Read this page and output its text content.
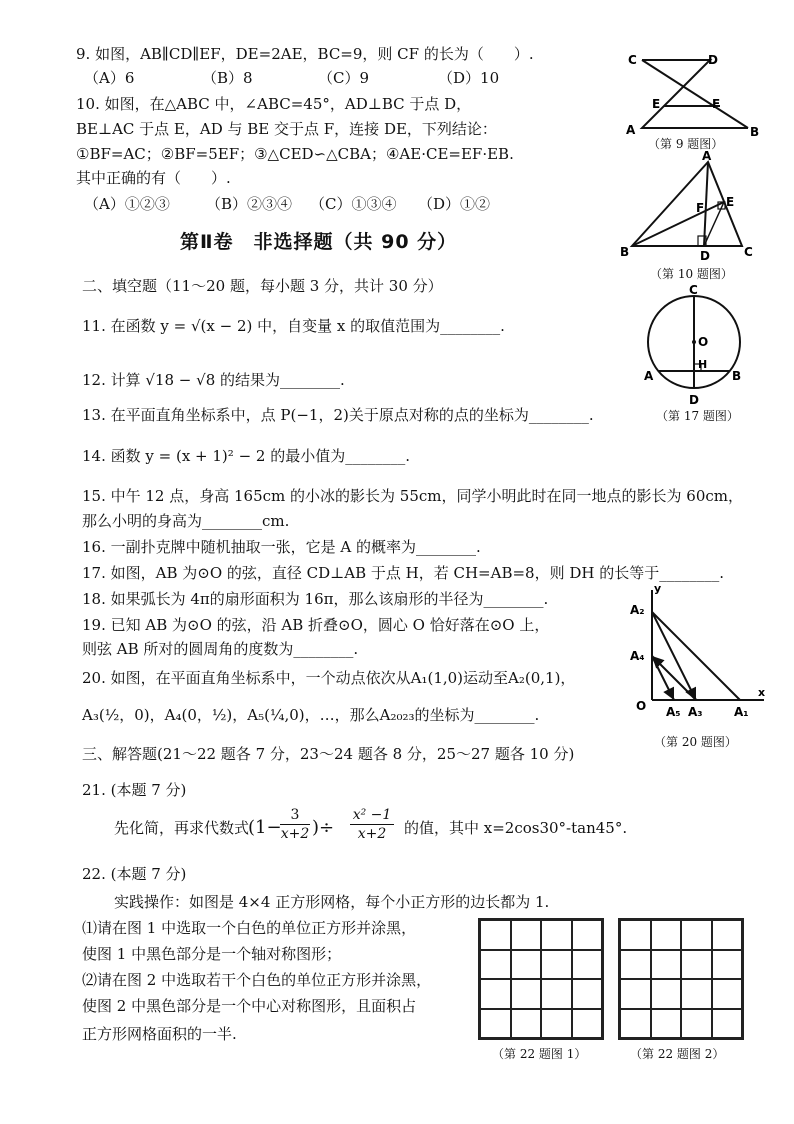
9. 如图，AB∥CD∥EF，DE=2AE，BC=9，则 CF 的长为（　　）.
（A）6	（B）8	（C）9	（D）10
C	D
E	F
A	B
（第 9 题图）
10. 如图，在△ABC 中，∠ABC=45°，AD⊥BC 于点 D，
BE⊥AC 于点 E，AD 与 BE 交于点 F，连接 DE，下列结论：
①BF=AC；②BF=5EF；③△CED∽△CBA；④AE·CE=EF·EB.
其中正确的有（　　）.
（A）①②③ （B）②③④ （C）①③④ （D）①②
A
F E
B	D	C
（第 10 题图）
第Ⅱ卷　非选择题（共 90 分）
二、填空题（11～20 题，每小题 3 分，共计 30 分）
11. 在函数 y = √(x − 2) 中，自变量 x 的取值范围为________.
12. 计算 √18 − √8 的结果为________.
13. 在平面直角坐标系中，点 P(−1，2)关于原点对称的点的坐标为________.
14. 函数 y = (x + 1)² − 2 的最小值为________.
15. 中午 12 点，身高 165cm 的小冰的影长为 55cm，同学小明此时在同一地点的影长为 60cm，
那么小明的身高为________cm.
16. 一副扑克牌中随机抽取一张，它是 A 的概率为________.
17. 如图，AB 为⊙O 的弦，直径 CD⊥AB 于点 H，若 CH=AB=8，则 DH 的长等于________.
18. 如果弧长为 4π的扇形面积为 16π，那么该扇形的半径为________.
19. 已知 AB 为⊙O 的弦，沿 AB 折叠⊙O，圆心 O 恰好落在⊙O 上，
则弦 AB 所对的圆周角的度数为________.
20. 如图，在平面直角坐标系中，一个动点依次从A₁(1,0)运动至A₂(0,1)，
A₃(½，0)，A₄(0，½)，A₅(¼,0)，…，那么A₂₀₂₃的坐标为________.
C
O
H
A	B
D
（第 17 题图）
y
A₂
A₄
O A₅ A₃	A₁
x
（第 20 题图）
三、解答题(21～22 题各 7 分，23～24 题各 8 分，25～27 题各 10 分)
21. (本题 7 分)
先化简，再求代数式
(1−
$\frac{3}{x+2}$ )÷ $\frac{\text{x² −1}}{x+2}$ 的值，其中 x=2cos30°-tan45°.
22. (本题 7 分)
实践操作：如图是 4×4 正方形网格，每个小正方形的边长都为 1.
⑴请在图 1 中选取一个白色的单位正方形并涂黑，
使图 1 中黑色部分是一个轴对称图形；
⑵请在图 2 中选取若干个白色的单位正方形并涂黑，
使图 2 中黑色部分是一个中心对称图形，且面积占
正方形网格面积的一半.
（第 22 题图 1）	（第 22 题图 2）
